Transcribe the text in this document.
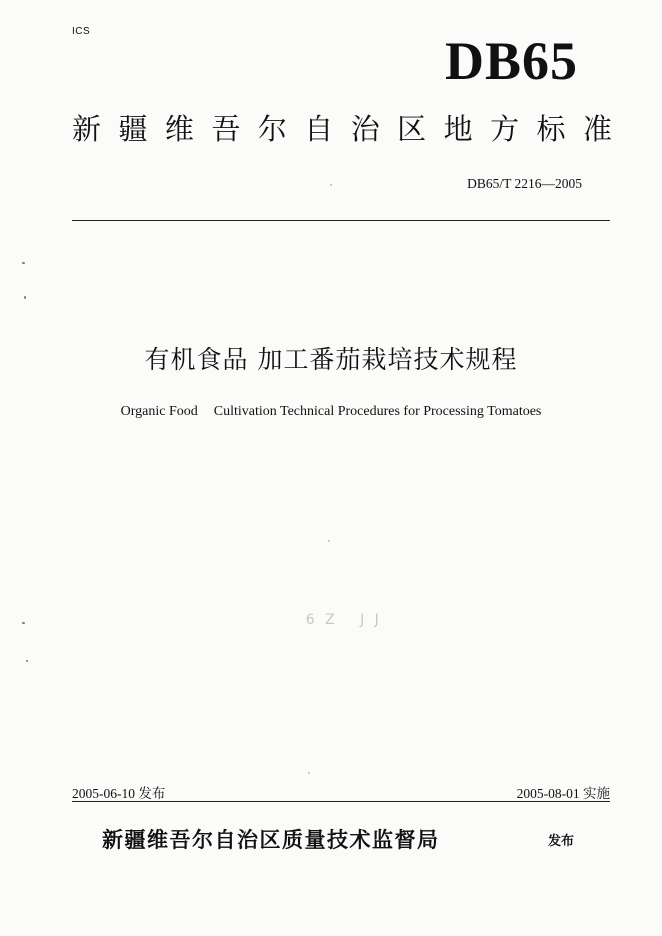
ICS	DB65
新 疆 维 吾 尔 自 治 区 地 方 标 准
DB65/T 2216—2005
有机食品 加工番茄栽培技术规程
Organic Food Cultivation Technical Procedures for Processing Tomatoes
 6 Z   J J
2005-06-10 发布	2005-08-01 实施
新疆维吾尔自治区质量技术监督局	发布
